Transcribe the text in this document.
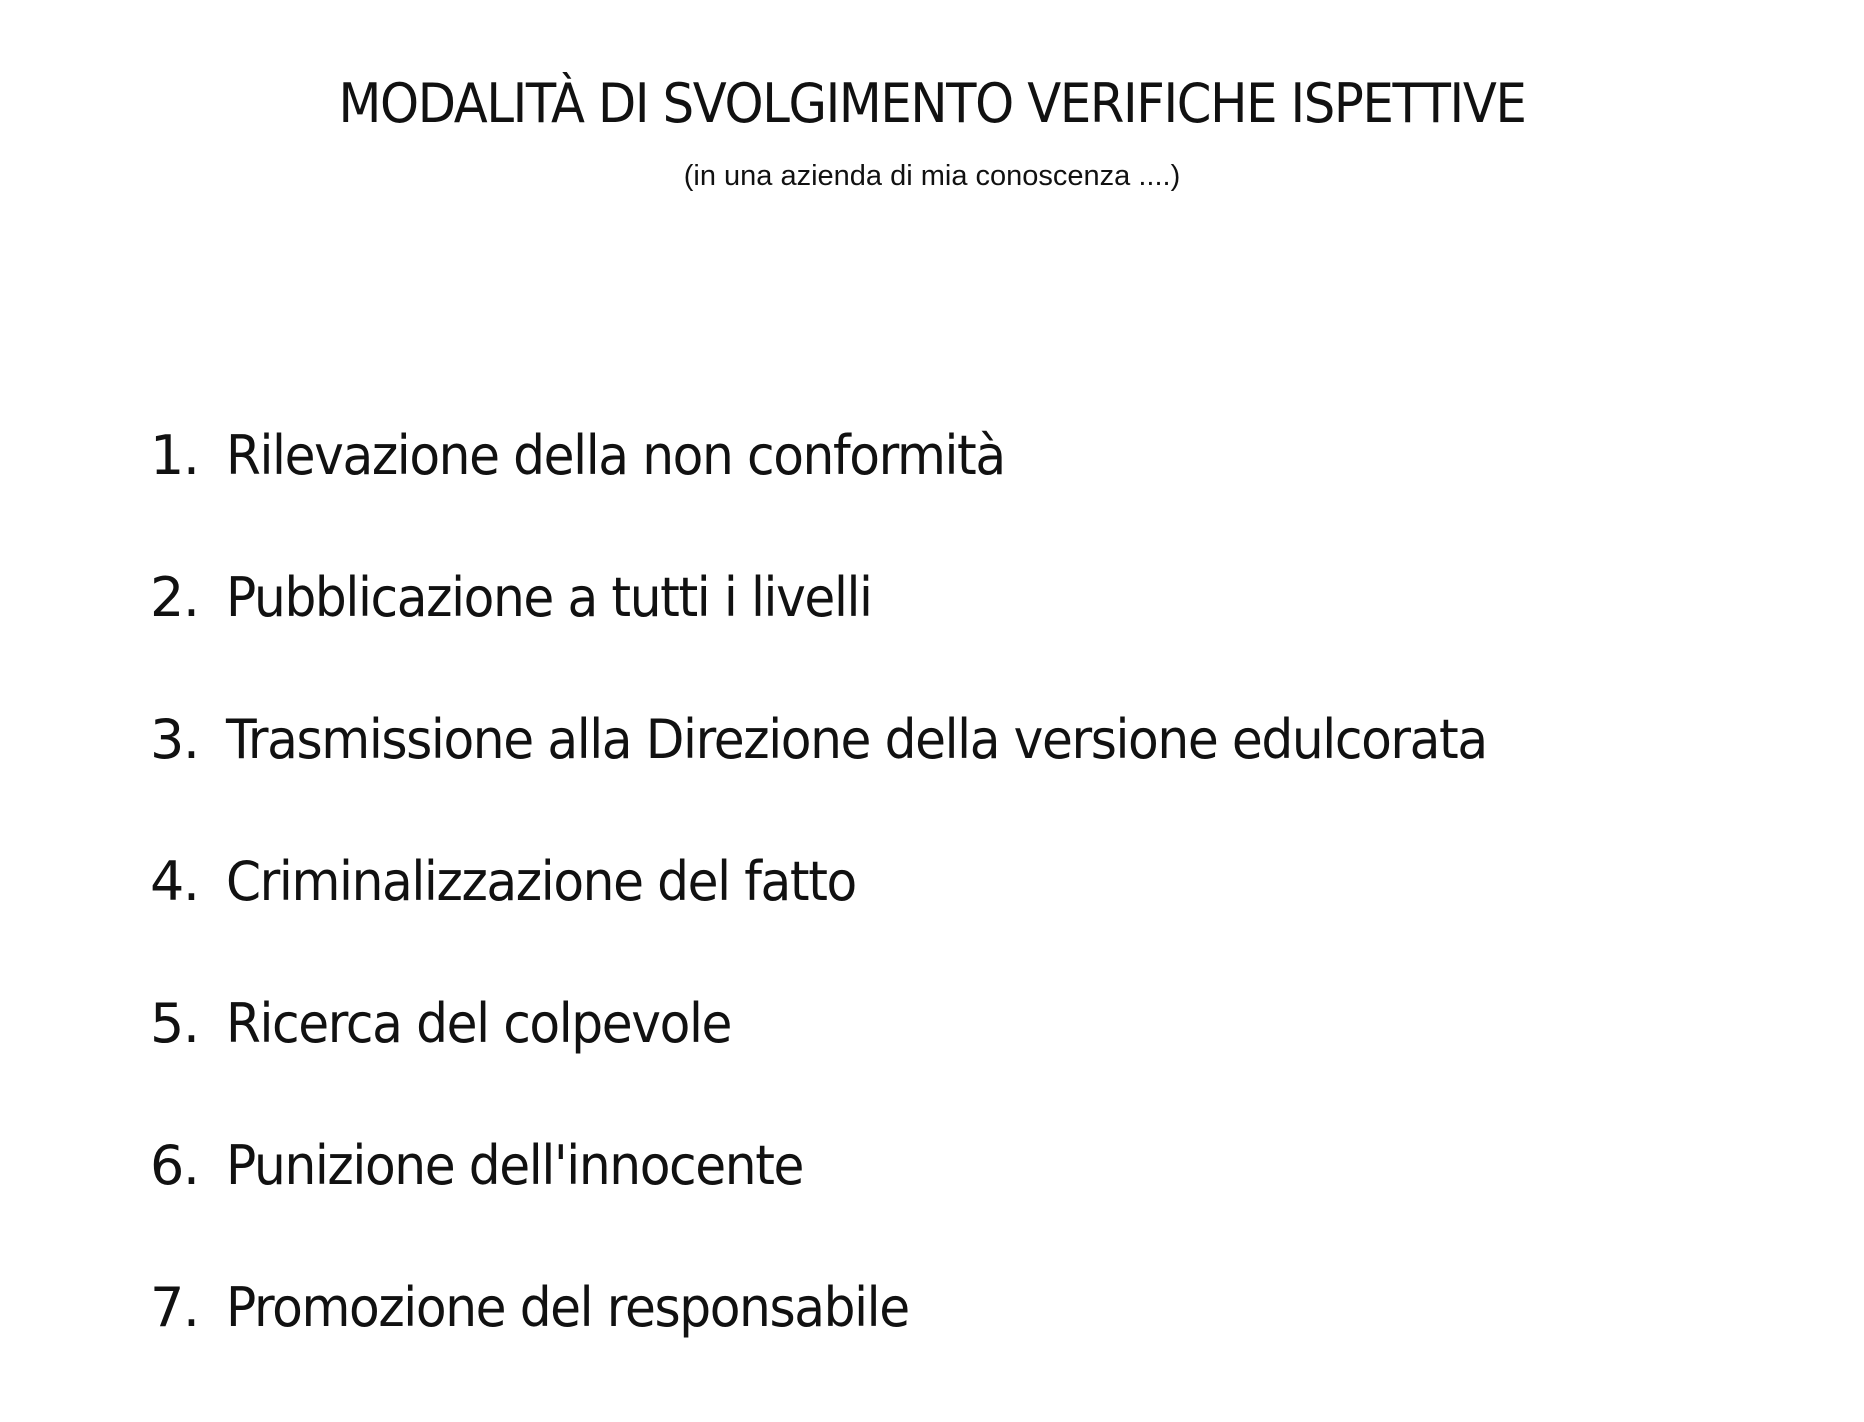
MODALITÀ DI SVOLGIMENTO VERIFICHE ISPETTIVE

(in una azienda di mia conoscenza ....)

1. Rilevazione della non conformità
2. Pubblicazione a tutti i livelli
3. Trasmissione alla Direzione della versione edulcorata
4. Criminalizzazione del fatto
5. Ricerca del colpevole
6. Punizione dell'innocente
7. Promozione del responsabile
